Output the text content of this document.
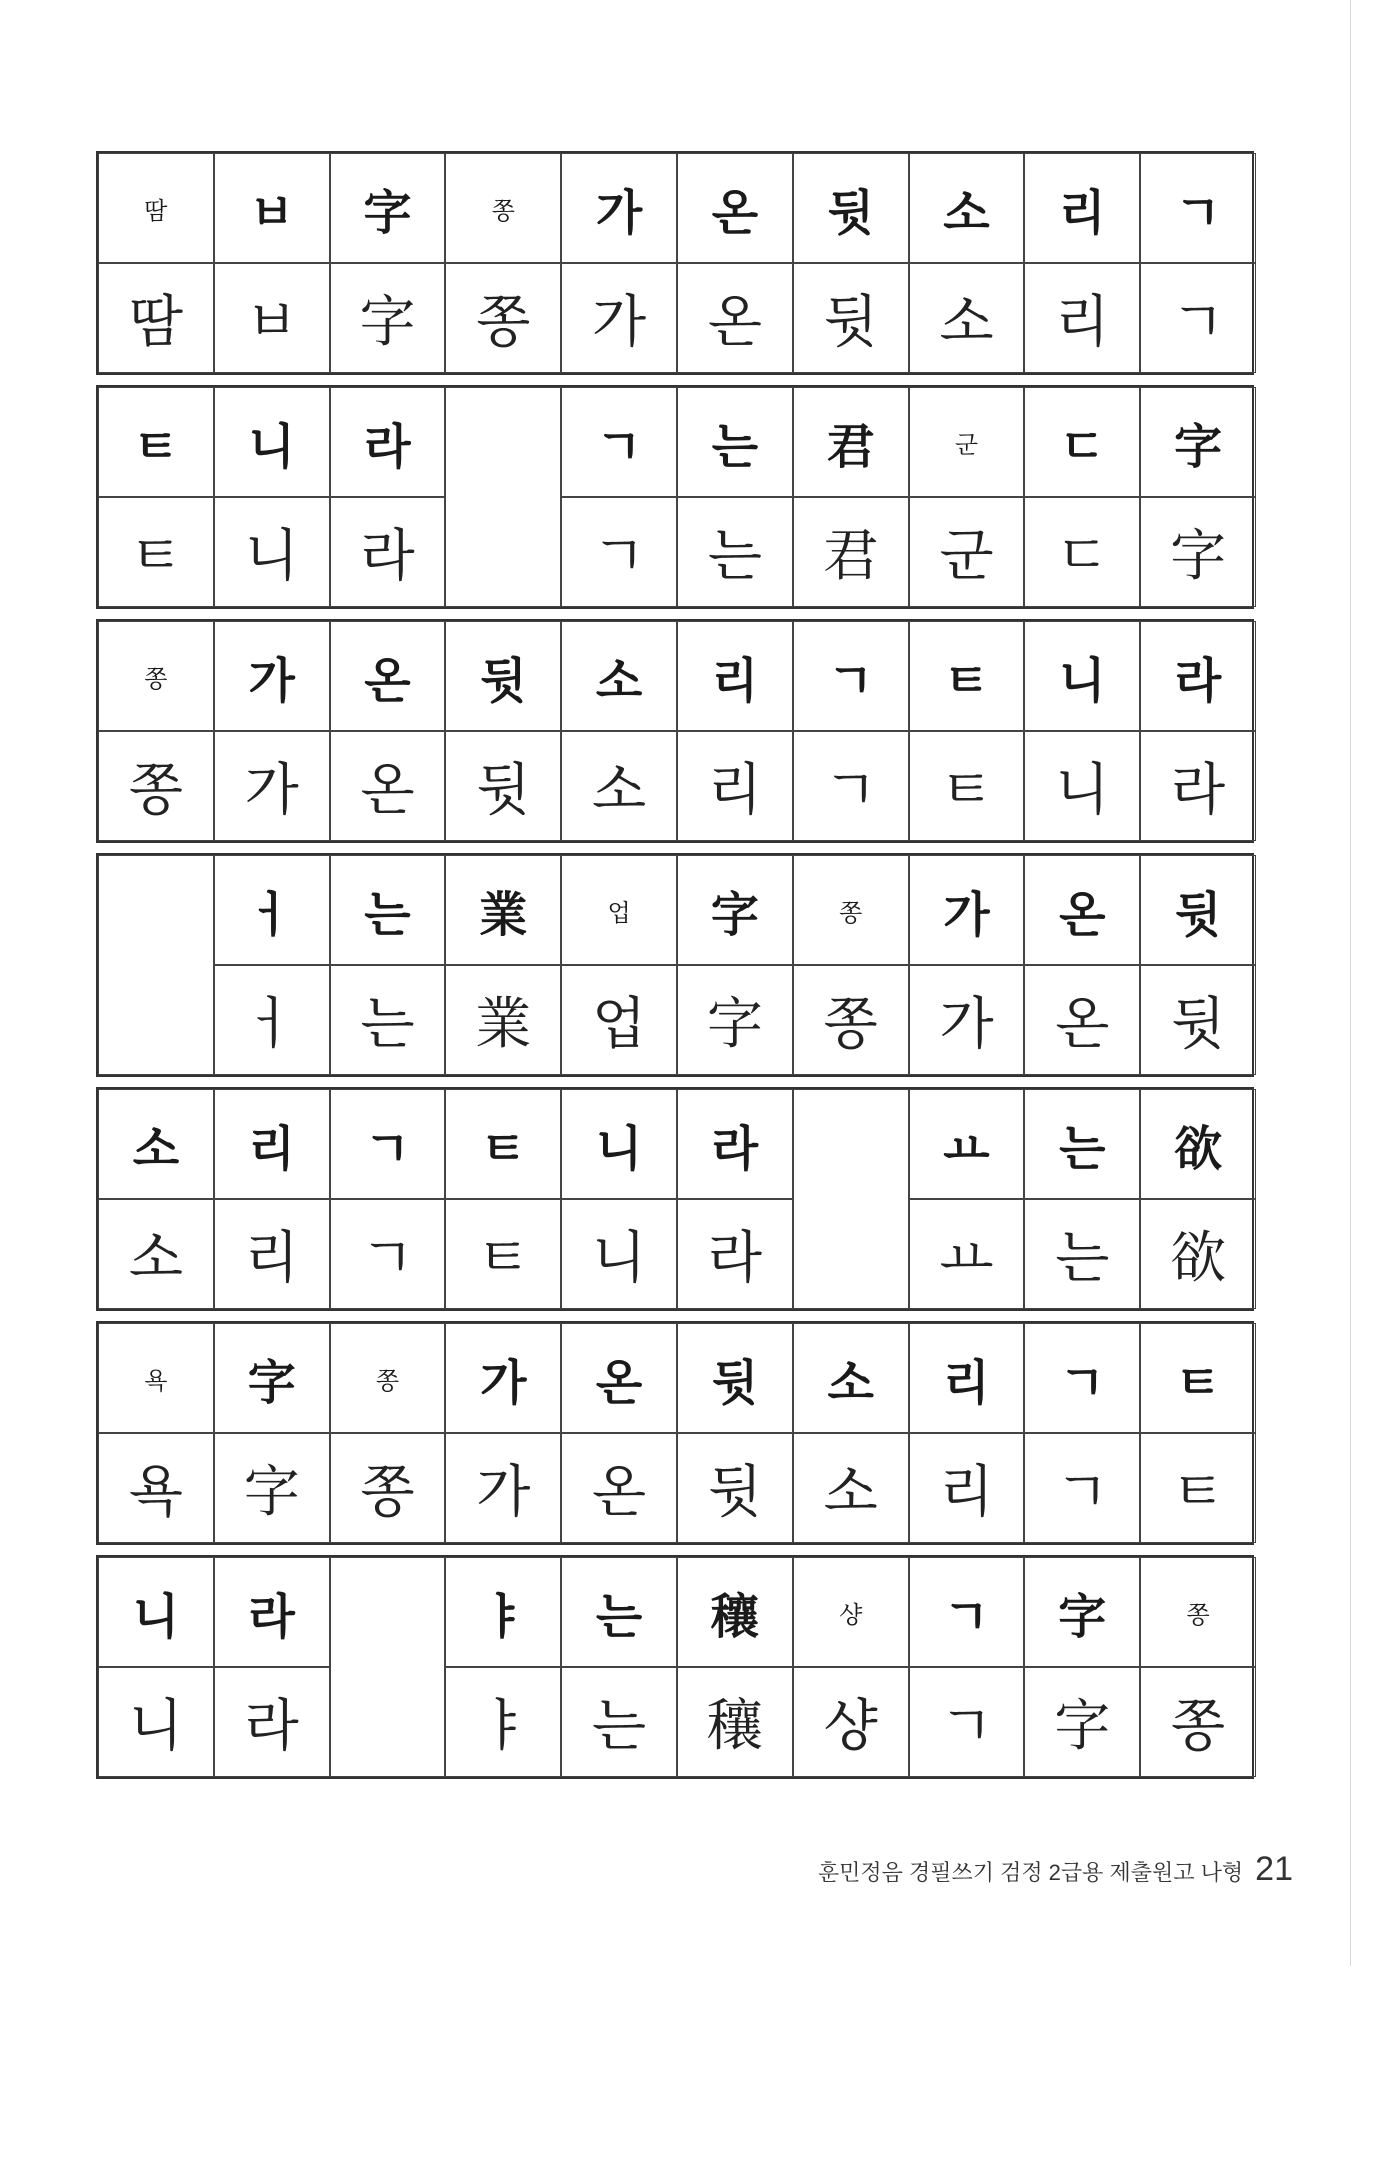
땀
땀
ㅂ
ㅂ
字
字
쫑
쫑
가
가
온
온
뒷
뒷
소
소
리
리
ㄱ
ㄱ
ㅌ
ㅌ
니
니
라
라
ㄱ
ㄱ
는
는
君
君
군
군
ㄷ
ㄷ
字
字
쫑
쫑
가
가
온
온
뒷
뒷
소
소
리
리
ㄱ
ㄱ
ㅌ
ㅌ
니
니
라
라
ㅓ
ㅓ
는
는
業
業
업
업
字
字
쫑
쫑
가
가
온
온
뒷
뒷
소
소
리
리
ㄱ
ㄱ
ㅌ
ㅌ
니
니
라
라
ㅛ
ㅛ
는
는
欲
欲
욕
욕
字
字
쫑
쫑
가
가
온
온
뒷
뒷
소
소
리
리
ㄱ
ㄱ
ㅌ
ㅌ
니
니
라
라
ㅑ
ㅑ
는
는
穰
穰
샹
샹
ㄱ
ㄱ
字
字
쫑
쫑
훈민정음 경필쓰기 검정 2급용 제출원고 나형 21
